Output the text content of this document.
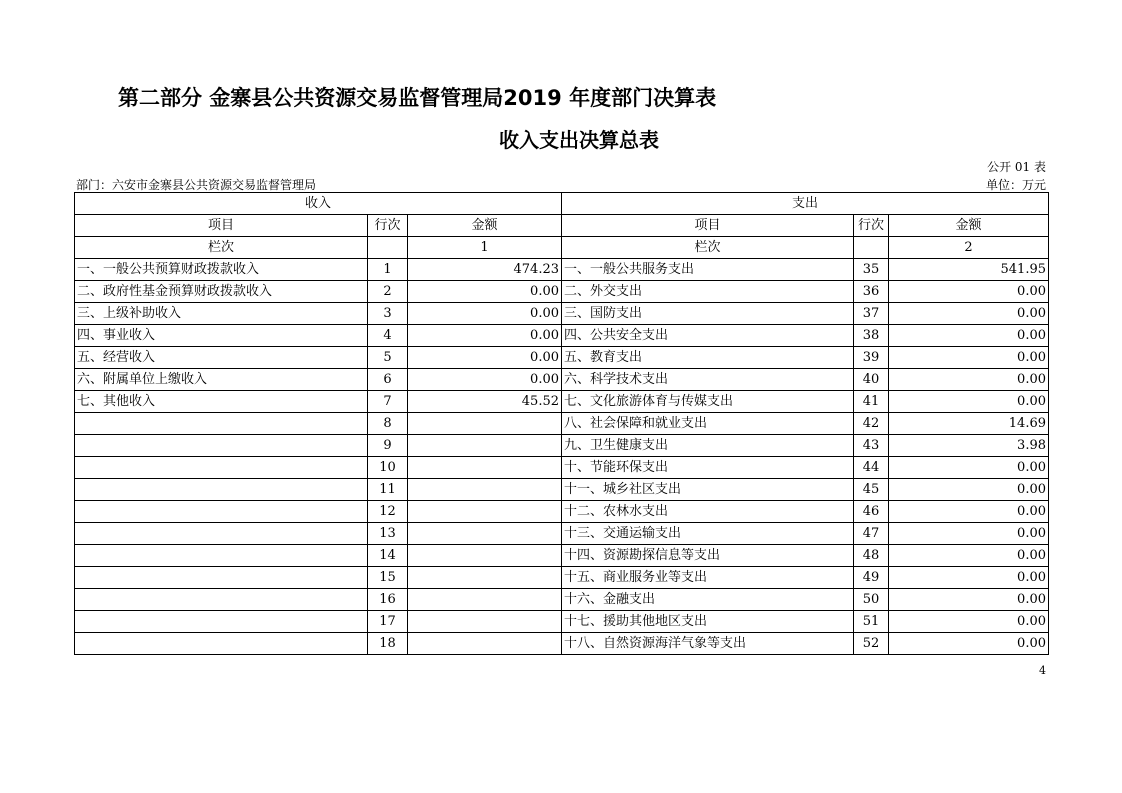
第二部分 金寨县公共资源交易监督管理局2019 年度部门决算表
收入支出决算总表
公开 01 表
部门：六安市金寨县公共资源交易监督管理局	单位：万元
收入			支出		
项目	行次	金额	项目	行次	金额
栏次		1	栏次		2
一、一般公共预算财政拨款收入	1	474.23	一、一般公共服务支出	35	541.95
二、政府性基金预算财政拨款收入	2	0.00	二、外交支出	36	0.00
三、上级补助收入	3	0.00	三、国防支出	37	0.00
四、事业收入	4	0.00	四、公共安全支出	38	0.00
五、经营收入	5	0.00	五、教育支出	39	0.00
六、附属单位上缴收入	6	0.00	六、科学技术支出	40	0.00
七、其他收入	7	45.52	七、文化旅游体育与传媒支出	41	0.00
	8		八、社会保障和就业支出	42	14.69
	9		九、卫生健康支出	43	3.98
	10		十、节能环保支出	44	0.00
	11		十一、城乡社区支出	45	0.00
	12		十二、农林水支出	46	0.00
	13		十三、交通运输支出	47	0.00
	14		十四、资源勘探信息等支出	48	0.00
	15		十五、商业服务业等支出	49	0.00
	16		十六、金融支出	50	0.00
	17		十七、援助其他地区支出	51	0.00
	18		十八、自然资源海洋气象等支出	52	0.00
4
